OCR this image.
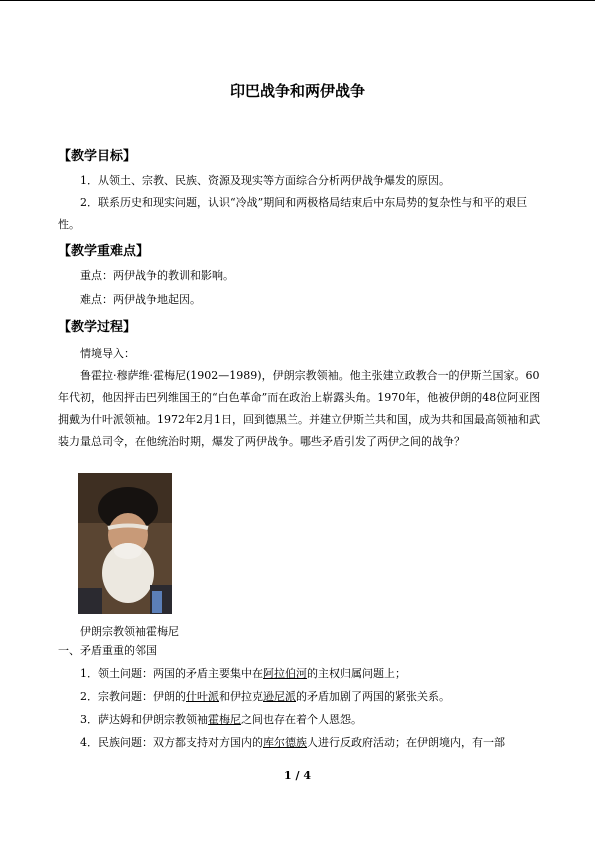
印巴战争和两伊战争
【教学目标】
1．从领土、宗教、民族、资源及现实等方面综合分析两伊战争爆发的原因。
2．联系历史和现实问题，认识“冷战”期间和两极格局结束后中东局势的复杂性与和平的艰巨性。
【教学重难点】
重点：两伊战争的教训和影响。
难点：两伊战争地起因。
【教学过程】
情境导入：
鲁霍拉·穆萨维·霍梅尼(1902—1989)，伊朗宗教领袖。他主张建立政教合一的伊斯兰国家。60年代初，他因抨击巴列维国王的“白色革命”而在政治上崭露头角。1970年，他被伊朗的48位阿亚图拥戴为什叶派领袖。1972年2月1日，回到德黑兰。并建立伊斯兰共和国，成为共和国最高领袖和武装力量总司令，在他统治时期，爆发了两伊战争。哪些矛盾引发了两伊之间的战争？
伊朗宗教领袖霍梅尼
一、矛盾重重的邻国
1．领土问题：两国的矛盾主要集中在阿拉伯河的主权归属问题上；
2．宗教问题：伊朗的什叶派和伊拉克逊尼派的矛盾加剧了两国的紧张关系。
3．萨达姆和伊朗宗教领袖霍梅尼之间也存在着个人恩怨。
4．民族问题：双方都支持对方国内的库尔德族人进行反政府活动；在伊朗境内，有一部
1 / 4
